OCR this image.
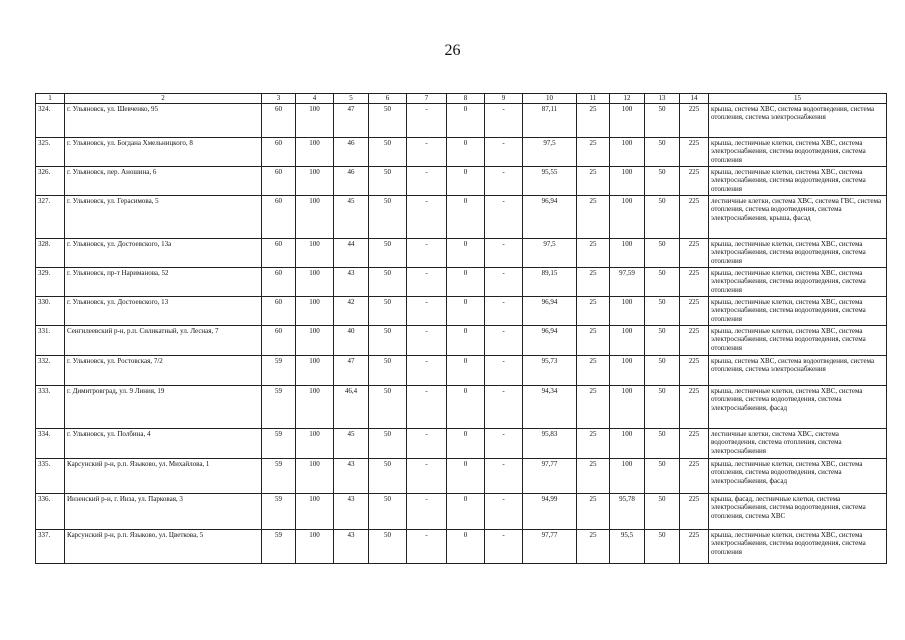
26
1	2	3	4	5	6	7	8	9	10	11	12	13	14	15
324.	г. Ульяновск, ул. Шевченко, 95	60	100	47	50	-	0	-	87,11	25	100	50	225	крыша, система ХВС, система водоотведения, система отопления, система электроснабжения
325.	г. Ульяновск, ул. Богдана Хмельницкого, 8	60	100	46	50	-	0	-	97,5	25	100	50	225	крыша, лестничные клетки, система ХВС, система электроснабжения, система водоотведения, система отопления
326.	г. Ульяновск, пер. Аношина, 6	60	100	46	50	-	0	-	95,55	25	100	50	225	крыша, лестничные клетки, система ХВС, система электроснабжения, система водоотведения, система отопления
327.	г. Ульяновск, ул. Герасимова, 5	60	100	45	50	-	0	-	96,94	25	100	50	225	лестничные клетки, система ХВС, система ГВС, система отопления, система водоотведения, система электроснабжения, крыша, фасад
328.	г. Ульяновск, ул. Достоевского, 13а	60	100	44	50	-	0	-	97,5	25	100	50	225	крыша, лестничные клетки, система ХВС, система электроснабжения, система водоотведения, система отопления
329.	г. Ульяновск, пр-т Нариманова, 52	60	100	43	50	-	0	-	89,15	25	97,59	50	225	крыша, лестничные клетки, система ХВС, система электроснабжения, система водоотведения, система отопления
330.	г. Ульяновск, ул. Достоевского, 13	60	100	42	50	-	0	-	96,94	25	100	50	225	крыша, лестничные клетки, система ХВС, система электроснабжения, система водоотведения, система отопления
331.	Сенгилеевский р-н, р.п. Силикатный, ул. Лесная, 7	60	100	40	50	-	0	-	96,94	25	100	50	225	крыша, лестничные клетки, система ХВС, система электроснабжения, система водоотведения, система отопления
332.	г. Ульяновск, ул. Ростовская, 7/2	59	100	47	50	-	0	-	95,73	25	100	50	225	крыша, система ХВС, система водоотведения, система отопления, система электроснабжения
333.	г. Димитровград, ул. 9 Линия, 19	59	100	46,4	50	-	0	-	94,34	25	100	50	225	крыша, лестничные клетки, система ХВС, система отопления, система водоотведения, система электроснабжения, фасад
334.	г. Ульяновск, ул. Полбина, 4	59	100	45	50	-	0	-	95,83	25	100	50	225	лестничные клетки, система ХВС, система водоотведения, система отопления, система электроснабжения
335.	Карсунский р-н, р.п. Языково, ул. Михайлова, 1	59	100	43	50	-	0	-	97,77	25	100	50	225	крыша, лестничные клетки, система ХВС, система отопления, система водоотведения, система электроснабжения, фасад
336.	Инзенский р-н, г. Инза, ул. Парковая, 3	59	100	43	50	-	0	-	94,99	25	95,78	50	225	крыша, фасад, лестничные клетки, система электроснабжения, система водоотведения, система отопления, система ХВС
337.	Карсунский р-н, р.п. Языково, ул. Цветкова, 5	59	100	43	50	-	0	-	97,77	25	95,5	50	225	крыша, лестничные клетки, система ХВС, система электроснабжения, система водоотведения, система отопления
